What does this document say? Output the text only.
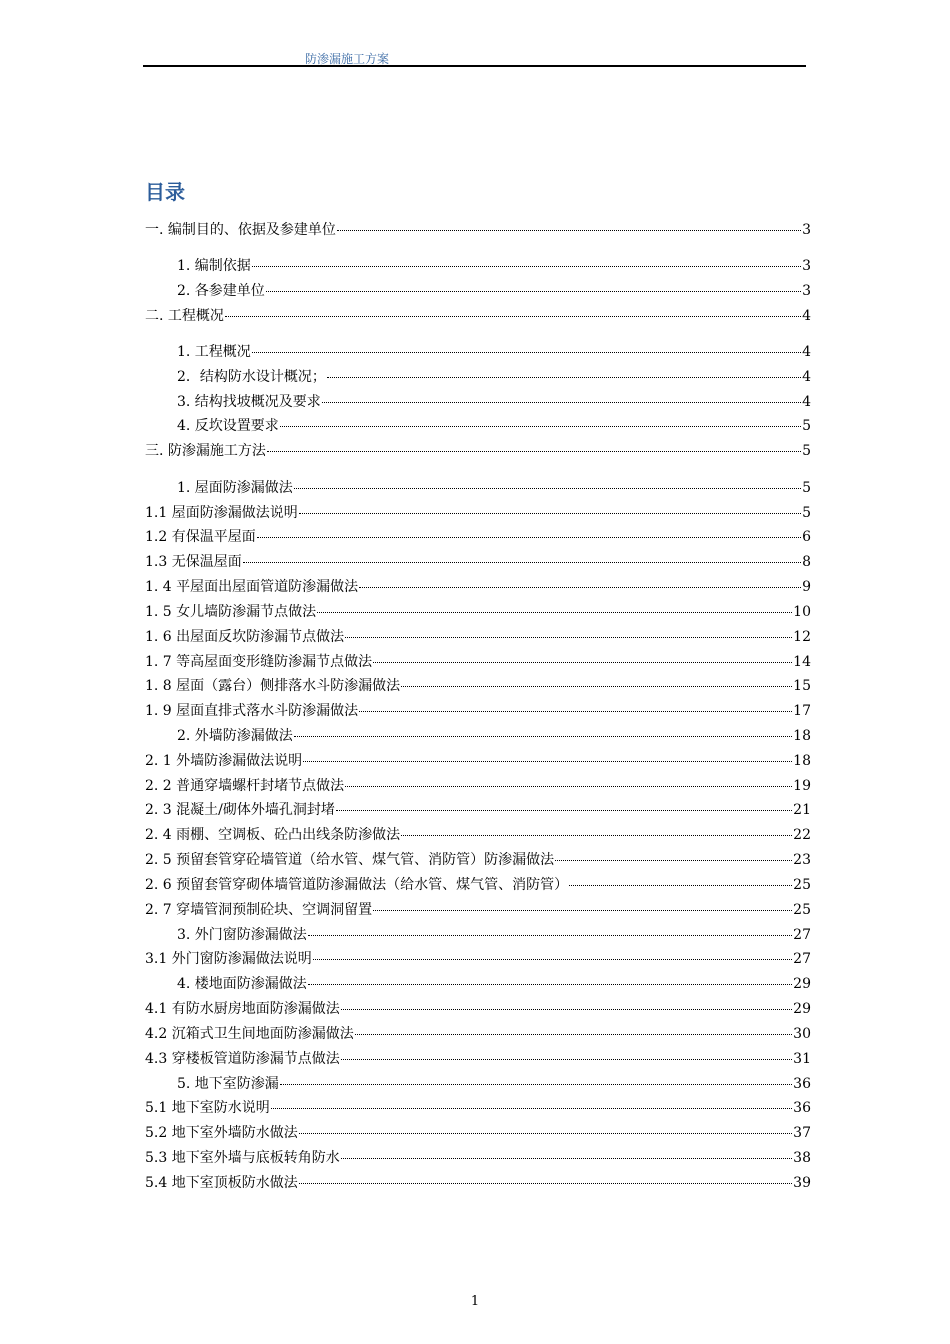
防渗漏施工方案
目录
一. 编制目的、依据及参建单位	3
1. 编制依据	3
2. 各参建单位	3
二. 工程概况	4
1. 工程概况	4
2．结构防水设计概况；	4
3. 结构找坡概况及要求	4
4. 反坎设置要求	5
三. 防渗漏施工方法	5
1. 屋面防渗漏做法	5
1.1 屋面防渗漏做法说明	5
1.2 有保温平屋面	6
1.3 无保温屋面	8
1. 4 平屋面出屋面管道防渗漏做法	9
1. 5 女儿墙防渗漏节点做法	10
1. 6 出屋面反坎防渗漏节点做法	12
1. 7 等高屋面变形缝防渗漏节点做法	14
1. 8 屋面（露台）侧排落水斗防渗漏做法	15
1. 9 屋面直排式落水斗防渗漏做法	17
2. 外墙防渗漏做法	18
2. 1 外墙防渗漏做法说明	18
2. 2 普通穿墙螺杆封堵节点做法	19
2. 3 混凝土/砌体外墙孔洞封堵	21
2. 4 雨棚、空调板、砼凸出线条防渗做法	22
2. 5 预留套管穿砼墙管道（给水管、煤气管、消防管）防渗漏做法	23
2. 6 预留套管穿砌体墙管道防渗漏做法（给水管、煤气管、消防管）	25
2. 7 穿墙管洞预制砼块、空调洞留置	25
3. 外门窗防渗漏做法	27
3.1 外门窗防渗漏做法说明	27
4. 楼地面防渗漏做法	29
4.1 有防水厨房地面防渗漏做法	29
4.2 沉箱式卫生间地面防渗漏做法	30
4.3 穿楼板管道防渗漏节点做法	31
5. 地下室防渗漏	36
5.1 地下室防水说明	36
5.2 地下室外墙防水做法	37
5.3 地下室外墙与底板转角防水	38
5.4 地下室顶板防水做法	39
1
